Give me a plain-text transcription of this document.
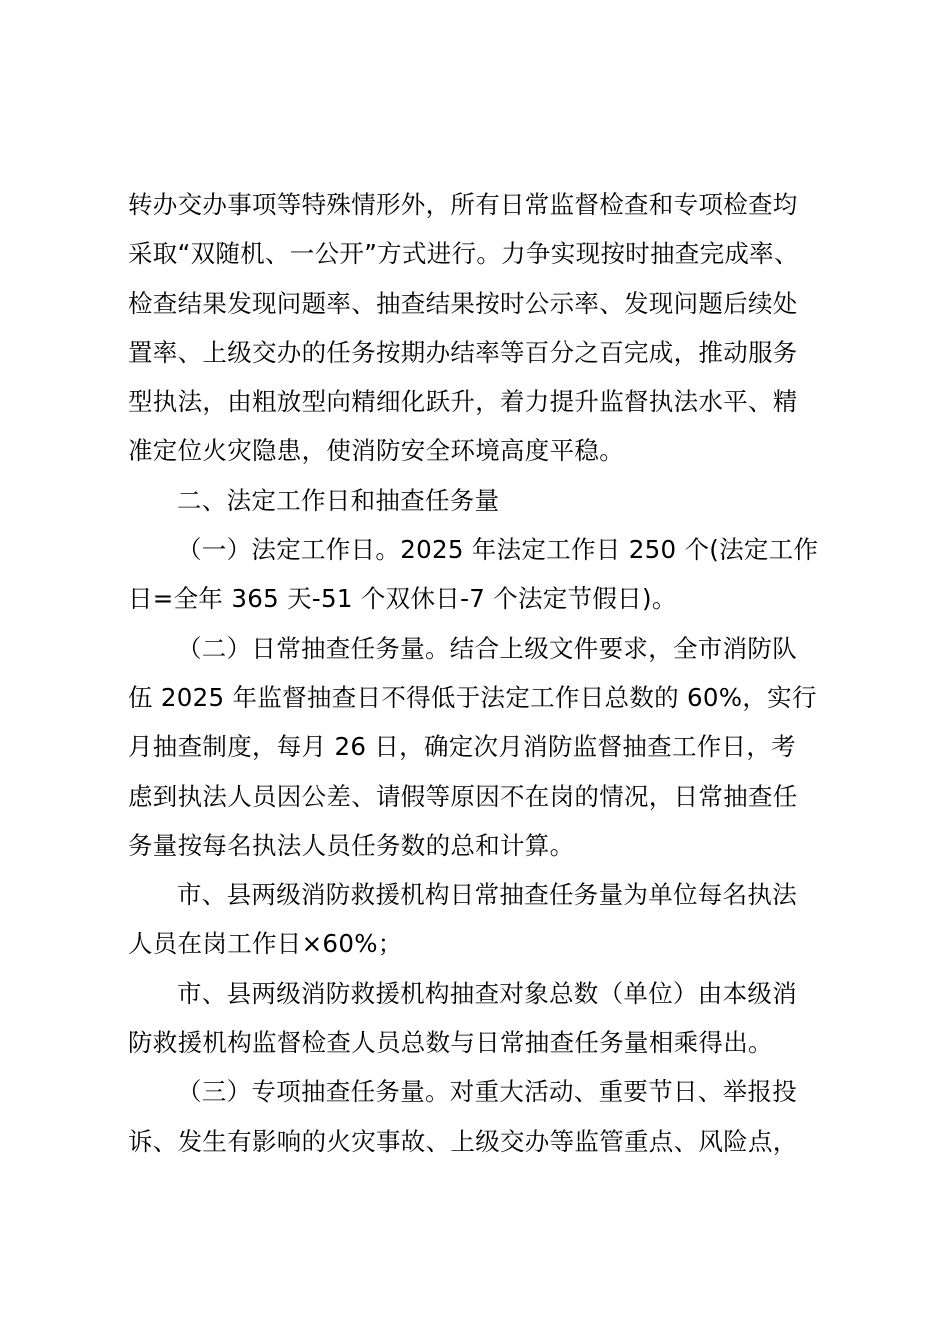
转办交办事项等特殊情形外，所有日常监督检查和专项检查均
采取“双随机、一公开”方式进行。力争实现按时抽查完成率、
检查结果发现问题率、抽查结果按时公示率、发现问题后续处
置率、上级交办的任务按期办结率等百分之百完成，推动服务
型执法，由粗放型向精细化跃升，着力提升监督执法水平、精
准定位火灾隐患，使消防安全环境高度平稳。
二、法定工作日和抽查任务量
（一）法定工作日。2025 年法定工作日 250 个(法定工作
日=全年 365 天-51 个双休日-7 个法定节假日)。
（二）日常抽查任务量。结合上级文件要求，全市消防队
伍 2025 年监督抽查日不得低于法定工作日总数的 60%，实行
月抽查制度，每月 26 日，确定次月消防监督抽查工作日，考
虑到执法人员因公差、请假等原因不在岗的情况，日常抽查任
务量按每名执法人员任务数的总和计算。
市、县两级消防救援机构日常抽查任务量为单位每名执法
人员在岗工作日×60%；
市、县两级消防救援机构抽查对象总数（单位）由本级消
防救援机构监督检查人员总数与日常抽查任务量相乘得出。
（三）专项抽查任务量。对重大活动、重要节日、举报投
诉、发生有影响的火灾事故、上级交办等监管重点、风险点，
